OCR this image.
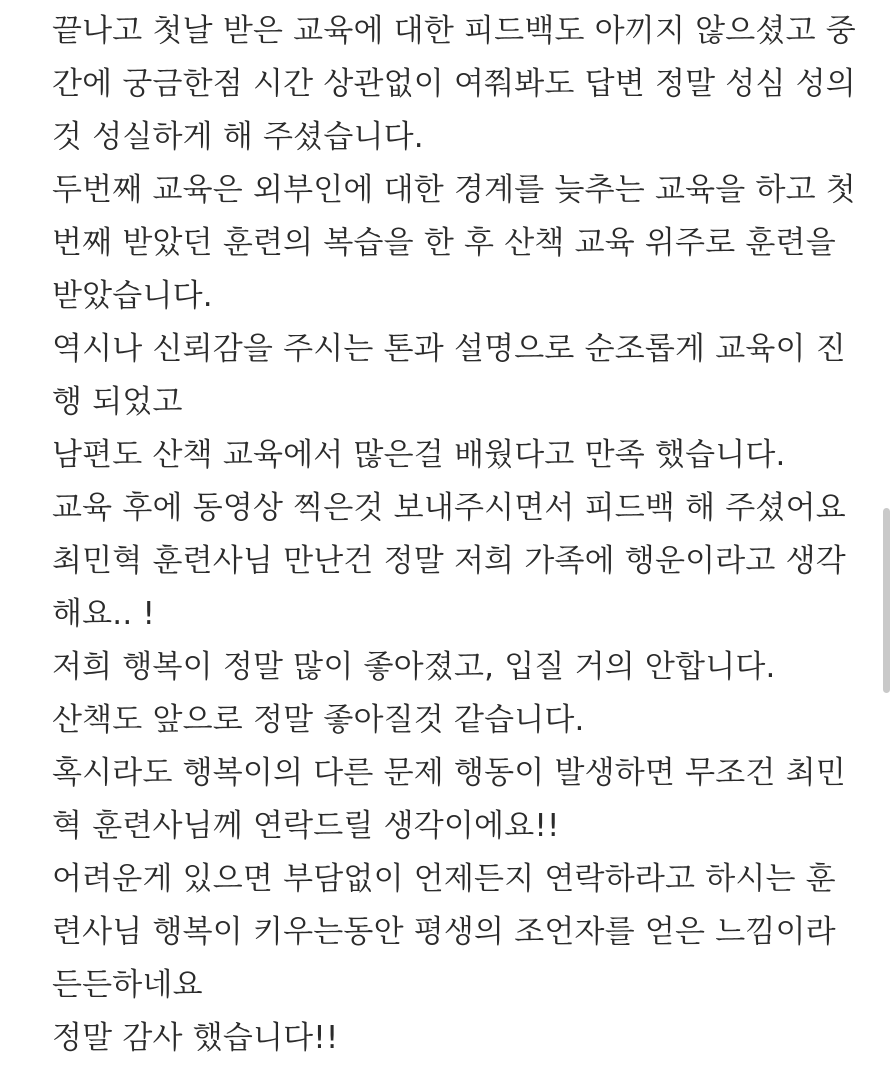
끝나고 첫날 받은 교육에 대한 피드백도 아끼지 않으셨고 중
간에 궁금한점 시간 상관없이 여쭤봐도 답변 정말 성심 성의
것 성실하게 해 주셨습니다.
두번째 교육은 외부인에 대한 경계를 늦추는 교육을 하고 첫
번째 받았던 훈련의 복습을 한 후 산책 교육 위주로 훈련을
받았습니다.
역시나 신뢰감을 주시는 톤과 설명으로 순조롭게 교육이 진
행 되었고
남편도 산책 교육에서 많은걸 배웠다고 만족 했습니다.
교육 후에 동영상 찍은것 보내주시면서 피드백 해 주셨어요
최민혁 훈련사님 만난건 정말 저희 가족에 행운이라고 생각
해요.. !
저희 행복이 정말 많이 좋아졌고, 입질 거의 안합니다.
산책도 앞으로 정말 좋아질것 같습니다.
혹시라도 행복이의 다른 문제 행동이 발생하면 무조건 최민
혁 훈련사님께 연락드릴 생각이에요!!
어려운게 있으면 부담없이 언제든지 연락하라고 하시는 훈
련사님 행복이 키우는동안 평생의 조언자를 얻은 느낌이라
든든하네요
정말 감사 했습니다!!
